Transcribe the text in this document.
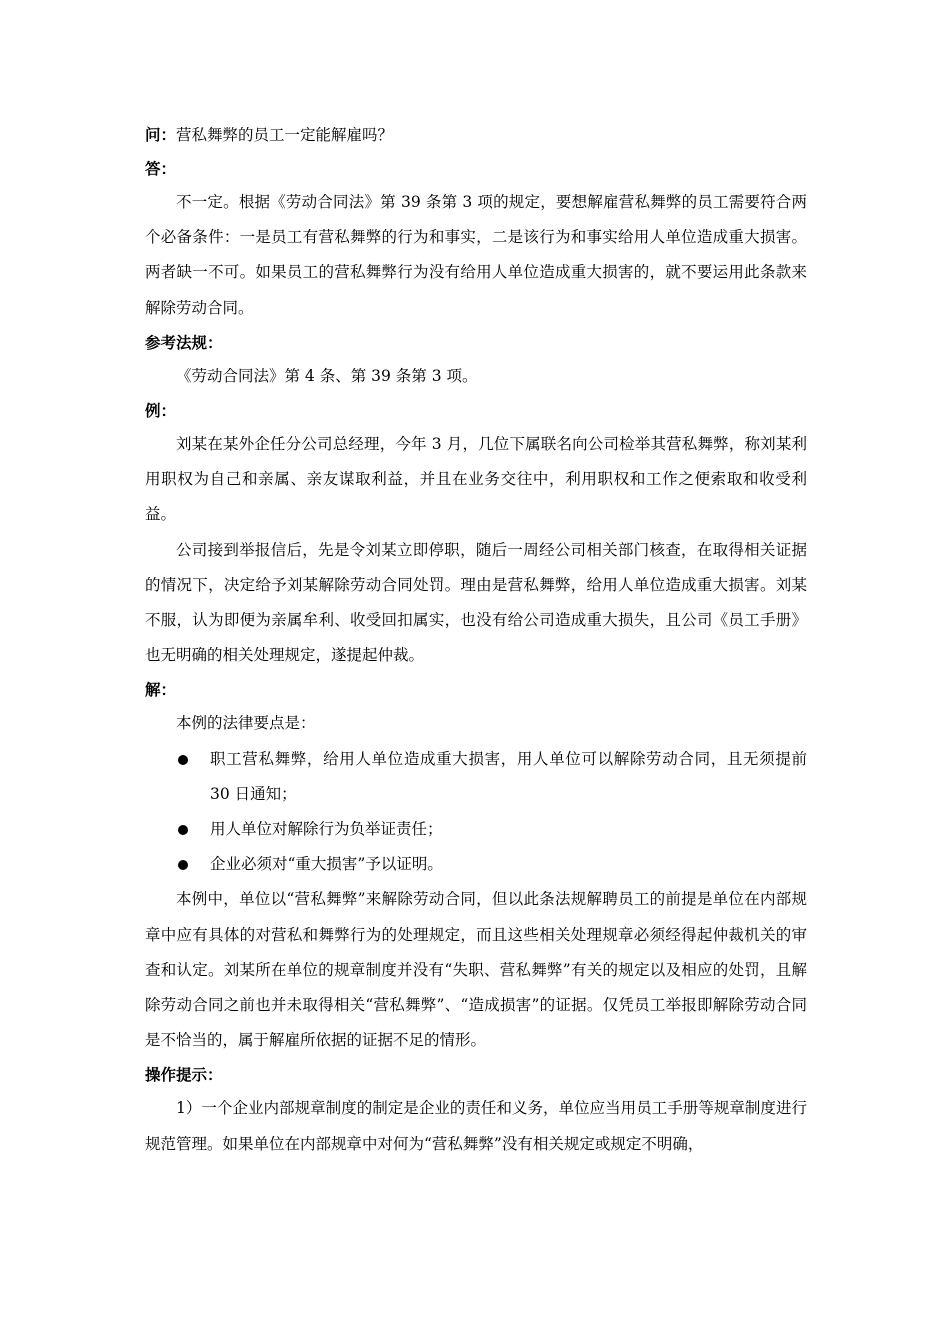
问：营私舞弊的员工一定能解雇吗？
答：

不一定。根据《劳动合同法》第 39 条第 3 项的规定，要想解雇营私舞弊的员工需要符合两个必备条件：一是员工有营私舞弊的行为和事实，二是该行为和事实给用人单位造成重大损害。两者缺一不可。如果员工的营私舞弊行为没有给用人单位造成重大损害的，就不要运用此条款来解除劳动合同。

参考法规：

《劳动合同法》第 4 条、第 39 条第 3 项。

例：

刘某在某外企任分公司总经理，今年 3 月，几位下属联名向公司检举其营私舞弊，称刘某利用职权为自己和亲属、亲友谋取利益，并且在业务交往中，利用职权和工作之便索取和收受利益。

公司接到举报信后，先是令刘某立即停职，随后一周经公司相关部门核查，在取得相关证据的情况下，决定给予刘某解除劳动合同处罚。理由是营私舞弊，给用人单位造成重大损害。刘某不服，认为即便为亲属牟利、收受回扣属实，也没有给公司造成重大损失，且公司《员工手册》也无明确的相关处理规定，遂提起仲裁。

解：

本例的法律要点是：

职工营私舞弊，给用人单位造成重大损害，用人单位可以解除劳动合同，且无须提前 30 日通知；
用人单位对解除行为负举证责任；
企业必须对“重大损害”予以证明。

本例中，单位以“营私舞弊”来解除劳动合同，但以此条法规解聘员工的前提是单位在内部规章中应有具体的对营私和舞弊行为的处理规定，而且这些相关处理规章必须经得起仲裁机关的审查和认定。刘某所在单位的规章制度并没有“失职、营私舞弊”有关的规定以及相应的处罚，且解除劳动合同之前也并未取得相关“营私舞弊”、“造成损害”的证据。仅凭员工举报即解除劳动合同是不恰当的，属于解雇所依据的证据不足的情形。

操作提示：

1）一个企业内部规章制度的制定是企业的责任和义务，单位应当用员工手册等规章制度进行规范管理。如果单位在内部规章中对何为“营私舞弊”没有相关规定或规定不明确，
